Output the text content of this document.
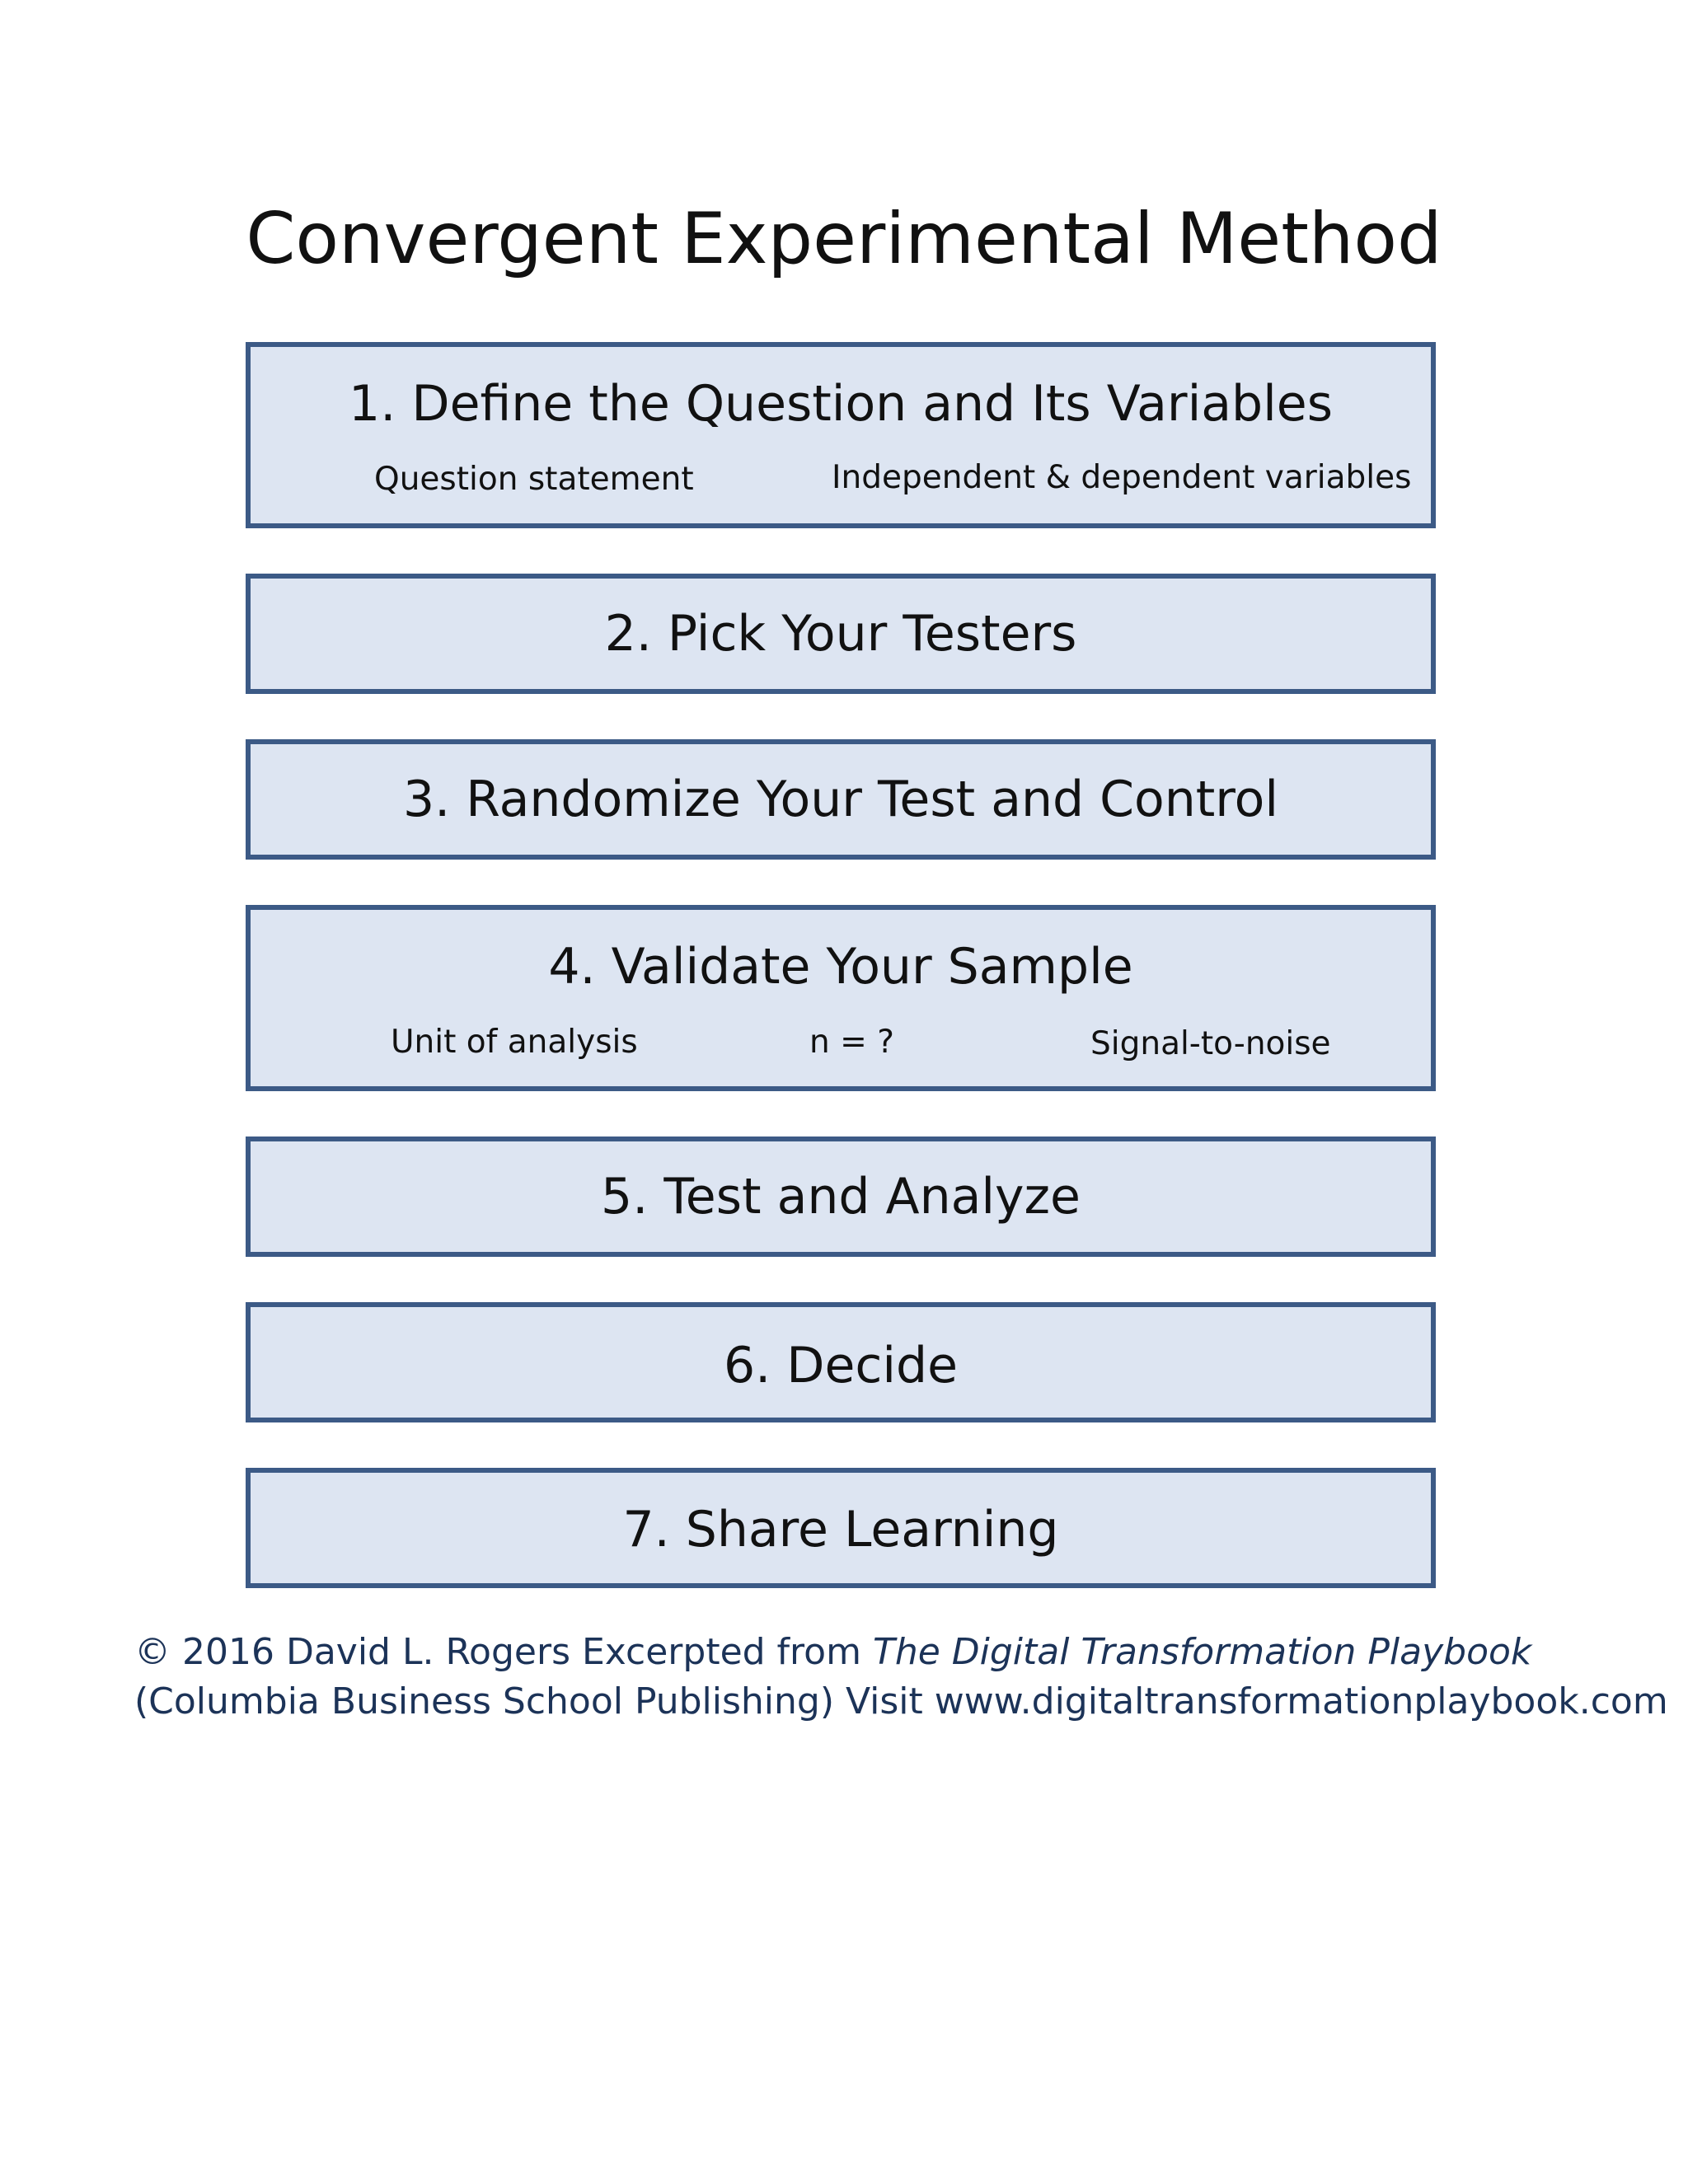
Convergent Experimental Method
1. Define the Question and Its Variables
Question statement	Independent & dependent variables
2. Pick Your Testers
3. Randomize Your Test and Control
4. Validate Your Sample
Unit of analysis	n = ?	Signal-to-noise
5. Test and Analyze
6. Decide
7. Share Learning
© 2016 David L. Rogers Excerpted from The Digital Transformation Playbook
(Columbia Business School Publishing) Visit www.digitaltransformationplaybook.com
